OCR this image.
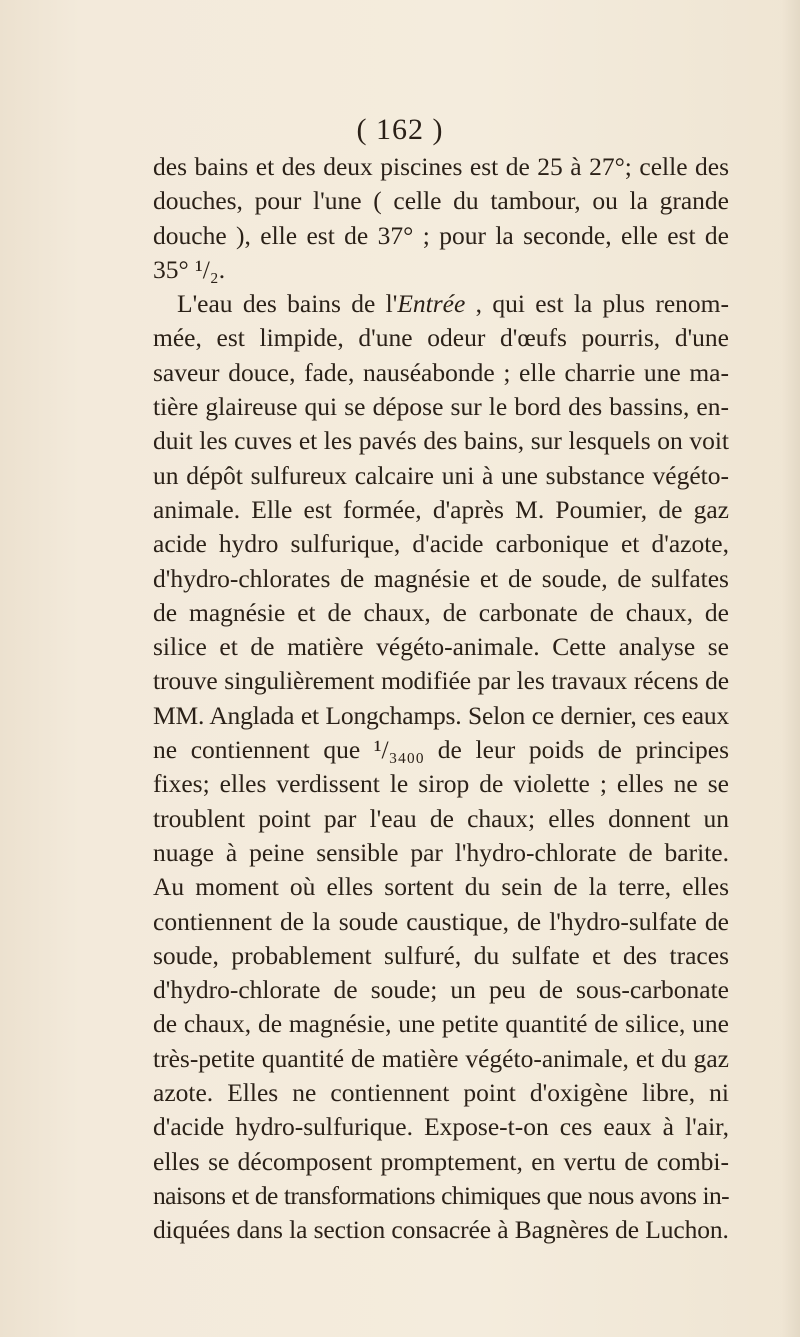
( 162 )
des bains et des deux piscines est de 25 à 27°; celle des
douches, pour l'une ( celle du tambour, ou la grande
douche ), elle est de 37° ; pour la seconde, elle est de
35° ¹/₂.
L'eau des bains de l'Entrée , qui est la plus renom-
mée, est limpide, d'une odeur d'œufs pourris, d'une
saveur douce, fade, nauséabonde ; elle charrie une ma-
tière glaireuse qui se dépose sur le bord des bassins, en-
duit les cuves et les pavés des bains, sur lesquels on voit
un dépôt sulfureux calcaire uni à une substance végéto-
animale. Elle est formée, d'après M. Poumier, de gaz
acide hydro sulfurique, d'acide carbonique et d'azote,
d'hydro-chlorates de magnésie et de soude, de sulfates
de magnésie et de chaux, de carbonate de chaux, de
silice et de matière végéto-animale. Cette analyse se
trouve singulièrement modifiée par les travaux récens de
MM. Anglada et Longchamps. Selon ce dernier, ces eaux
ne contiennent que ¹/₃₄₀₀ de leur poids de principes
fixes; elles verdissent le sirop de violette ; elles ne se
troublent point par l'eau de chaux; elles donnent un
nuage à peine sensible par l'hydro-chlorate de barite.
Au moment où elles sortent du sein de la terre, elles
contiennent de la soude caustique, de l'hydro-sulfate de
soude, probablement sulfuré, du sulfate et des traces
d'hydro-chlorate de soude; un peu de sous-carbonate
de chaux, de magnésie, une petite quantité de silice, une
très-petite quantité de matière végéto-animale, et du gaz
azote. Elles ne contiennent point d'oxigène libre, ni
d'acide hydro-sulfurique. Expose-t-on ces eaux à l'air,
elles se décomposent promptement, en vertu de combi-
naisons et de transformations chimiques que nous avons in-
diquées dans la section consacrée à Bagnères de Luchon.
